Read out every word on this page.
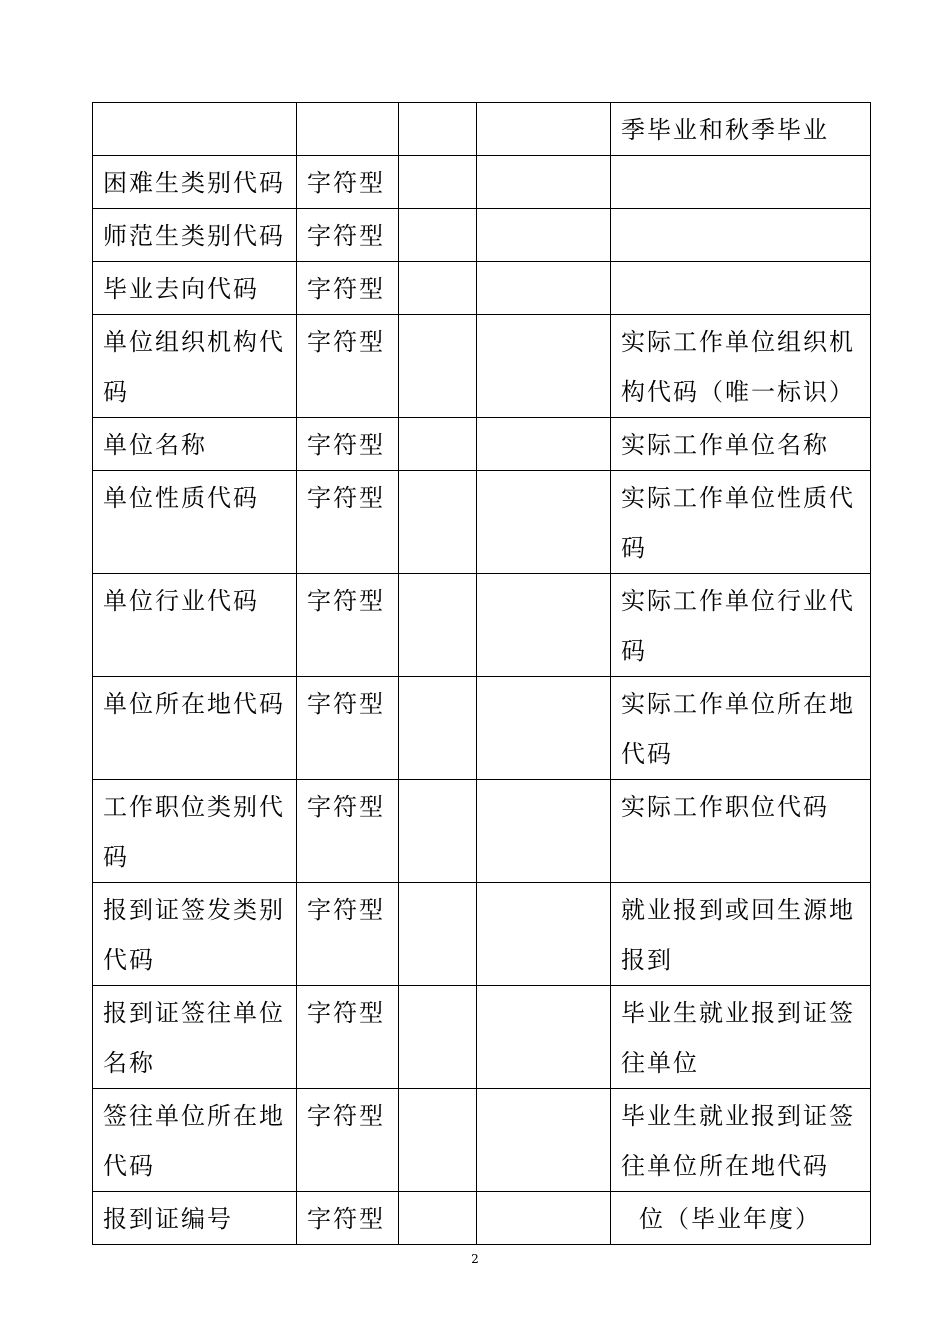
				季毕业和秋季毕业
困难生类别代码	字符型			
师范生类别代码	字符型			
毕业去向代码	字符型			
单位组织机构代码	字符型			实际工作单位组织机构代码（唯一标识）
单位名称	字符型			实际工作单位名称
单位性质代码	字符型			实际工作单位性质代码
单位行业代码	字符型			实际工作单位行业代码
单位所在地代码	字符型			实际工作单位所在地代码
工作职位类别代码	字符型			实际工作职位代码
报到证签发类别代码	字符型			就业报到或回生源地报到
报到证签往单位名称	字符型			毕业生就业报到证签往单位
签往单位所在地代码	字符型			毕业生就业报到证签往单位所在地代码
报到证编号	字符型			位（毕业年度）
2
